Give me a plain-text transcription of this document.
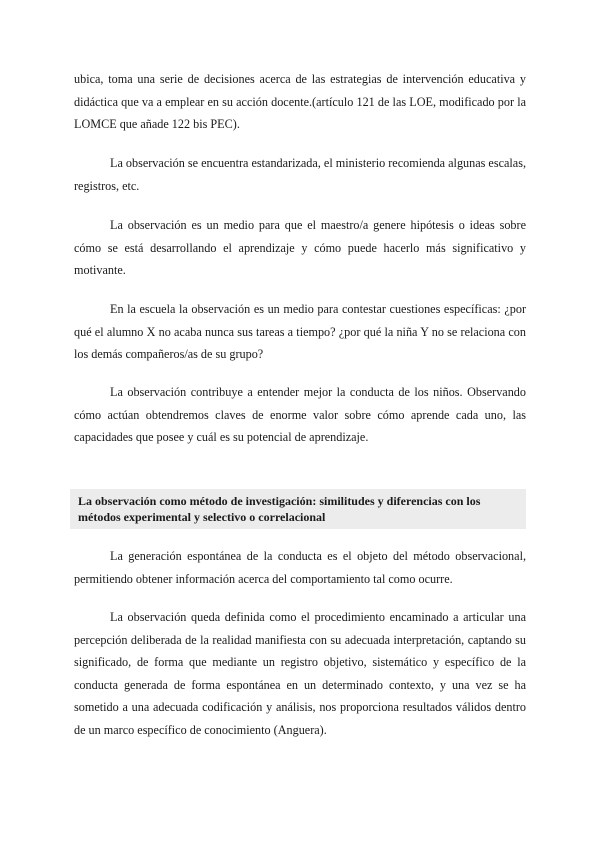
ubica, toma una serie de decisiones acerca de las estrategias de intervención educativa y didáctica que va a emplear en su acción docente.(artículo 121 de las LOE, modificado por la LOMCE que añade 122 bis PEC).

La observación se encuentra estandarizada, el ministerio recomienda algunas escalas, registros, etc.

La observación es un medio para que el maestro/a genere hipótesis o ideas sobre cómo se está desarrollando el aprendizaje y cómo puede hacerlo más significativo y motivante.

En la escuela la observación es un medio para contestar cuestiones específicas: ¿por qué el alumno X no acaba nunca sus tareas a tiempo? ¿por qué la niña Y no se relaciona con los demás compañeros/as de su grupo?

La observación contribuye a entender mejor la conducta de los niños. Observando cómo actúan obtendremos claves de enorme valor sobre cómo aprende cada uno, las capacidades que posee y cuál es su potencial de aprendizaje.

La observación como método de investigación: similitudes y diferencias con los métodos experimental y selectivo o correlacional

La generación espontánea de la conducta es el objeto del método observacional, permitiendo obtener información acerca del comportamiento tal como ocurre.

La observación queda definida como el procedimiento encaminado a articular una percepción deliberada de la realidad manifiesta con su adecuada interpretación, captando su significado, de forma que mediante un registro objetivo, sistemático y específico de la conducta generada de forma espontánea en un determinado contexto, y una vez se ha sometido a una adecuada codificación y análisis, nos proporciona resultados válidos dentro de un marco específico de conocimiento (Anguera).
